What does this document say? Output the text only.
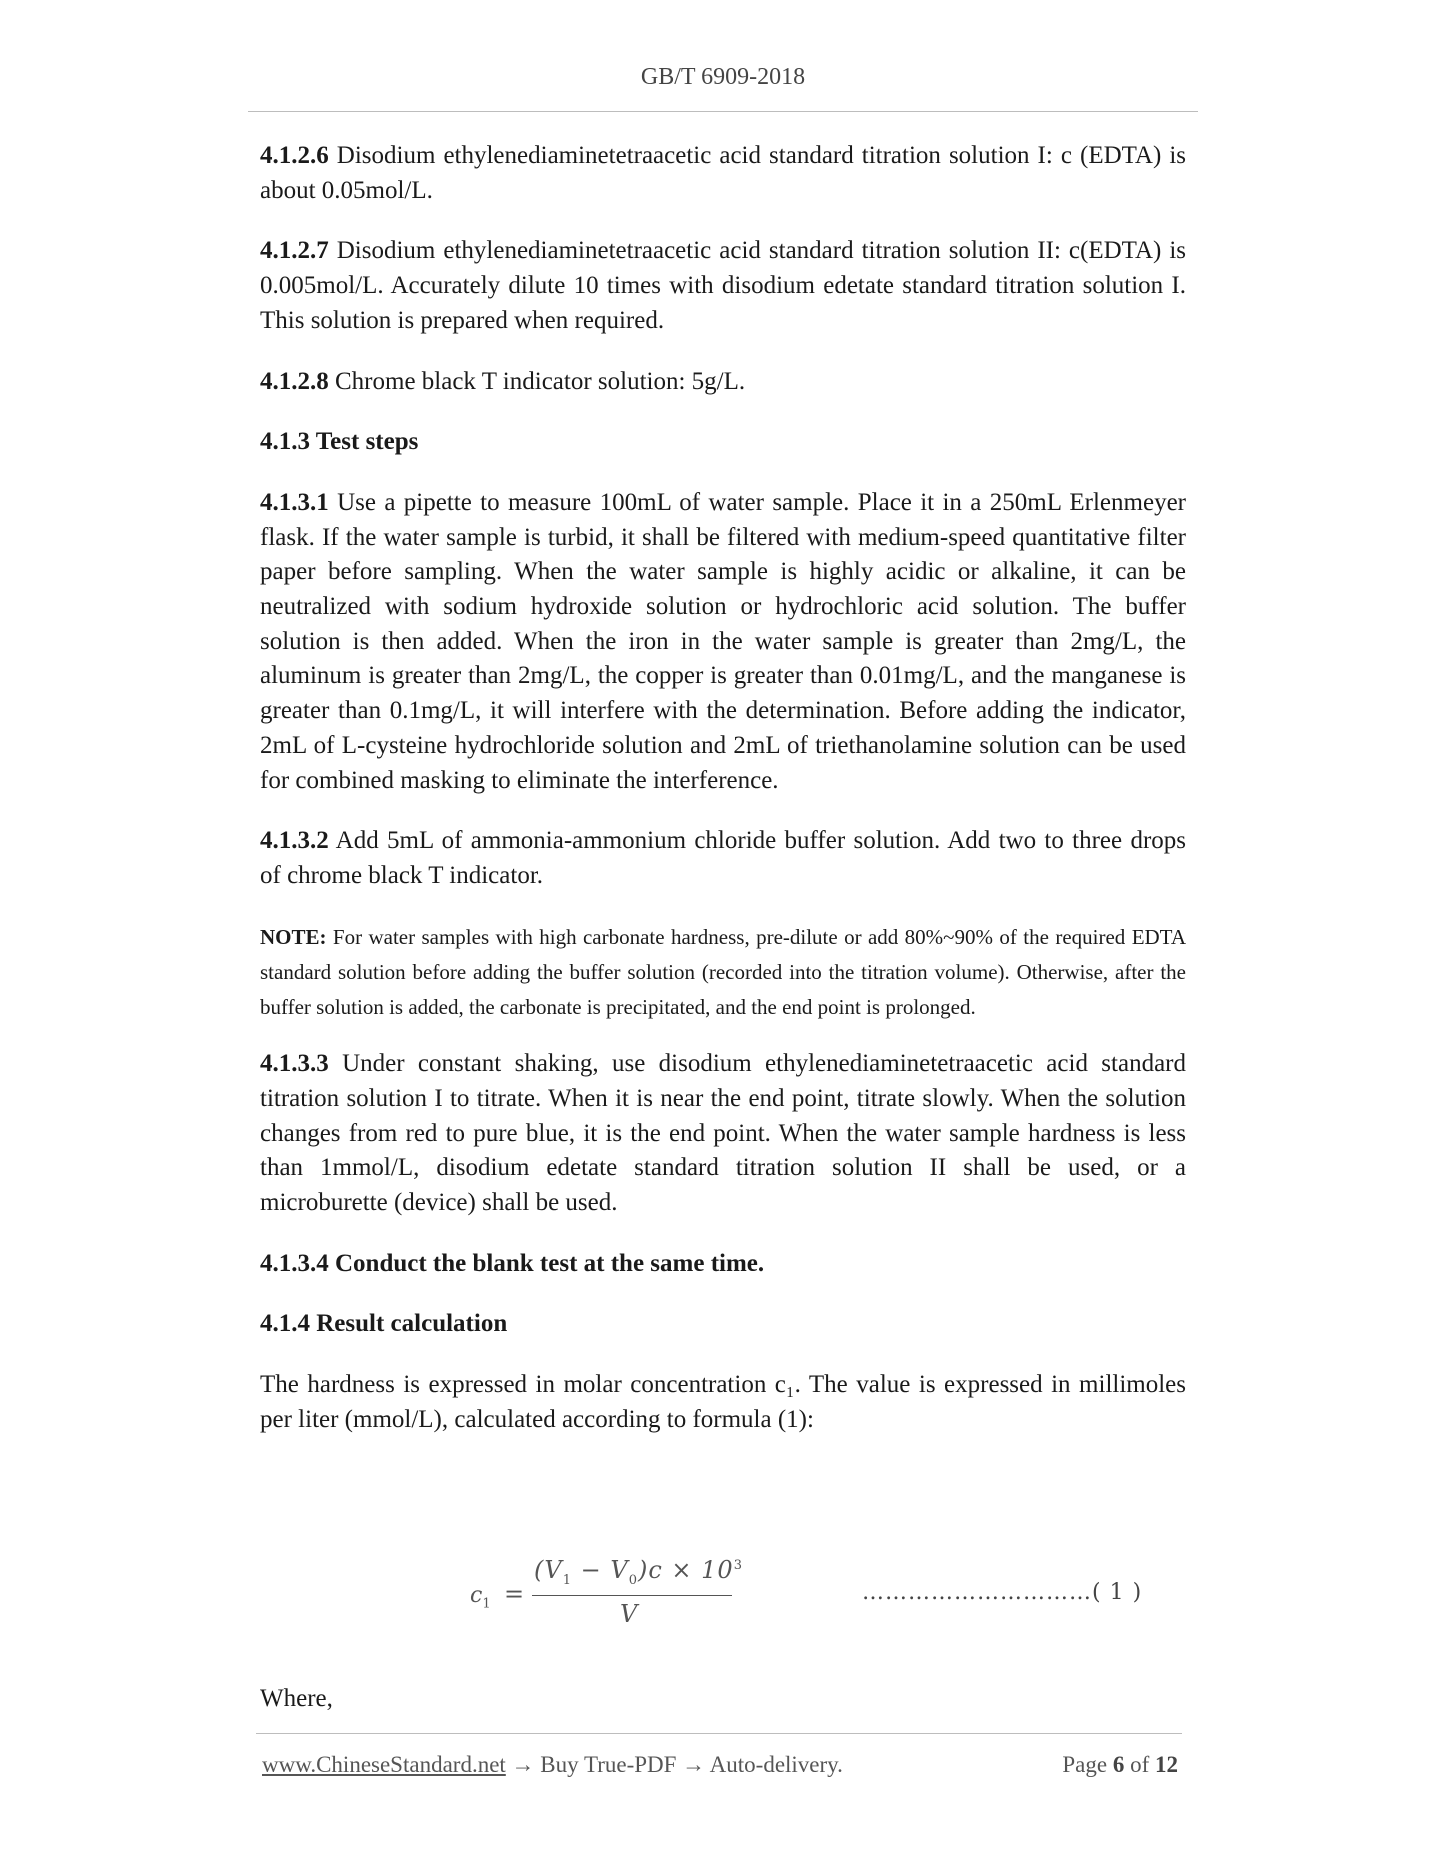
GB/T 6909-2018

4.1.2.6 Disodium ethylenediaminetetraacetic acid standard titration solution I: c (EDTA) is about 0.05mol/L.

4.1.2.7 Disodium ethylenediaminetetraacetic acid standard titration solution II: c(EDTA) is 0.005mol/L. Accurately dilute 10 times with disodium edetate standard titration solution I. This solution is prepared when required.

4.1.2.8 Chrome black T indicator solution: 5g/L.

4.1.3 Test steps

4.1.3.1 Use a pipette to measure 100mL of water sample. Place it in a 250mL Erlenmeyer flask. If the water sample is turbid, it shall be filtered with medium-speed quantitative filter paper before sampling. When the water sample is highly acidic or alkaline, it can be neutralized with sodium hydroxide solution or hydrochloric acid solution. The buffer solution is then added. When the iron in the water sample is greater than 2mg/L, the aluminum is greater than 2mg/L, the copper is greater than 0.01mg/L, and the manganese is greater than 0.1mg/L, it will interfere with the determination. Before adding the indicator, 2mL of L-cysteine hydrochloride solution and 2mL of triethanolamine solution can be used for combined masking to eliminate the interference.

4.1.3.2 Add 5mL of ammonia-ammonium chloride buffer solution. Add two to three drops of chrome black T indicator.

NOTE: For water samples with high carbonate hardness, pre-dilute or add 80%~90% of the required EDTA standard solution before adding the buffer solution (recorded into the titration volume). Otherwise, after the buffer solution is added, the carbonate is precipitated, and the end point is prolonged.

4.1.3.3 Under constant shaking, use disodium ethylenediaminetetraacetic acid standard titration solution I to titrate. When it is near the end point, titrate slowly. When the solution changes from red to pure blue, it is the end point. When the water sample hardness is less than 1mmol/L, disodium edetate standard titration solution II shall be used, or a microburette (device) shall be used.

4.1.3.4 Conduct the blank test at the same time.

4.1.4 Result calculation

The hardness is expressed in molar concentration c₁. The value is expressed in millimoles per liter (mmol/L), calculated according to formula (1):

$c_1$ =
$(V_1 - V_0)c \times 10^3$
V
…………………………( 1 )
Where,
www.ChineseStandard.net → Buy True-PDF → Auto-delivery.	Page 6 of 12
